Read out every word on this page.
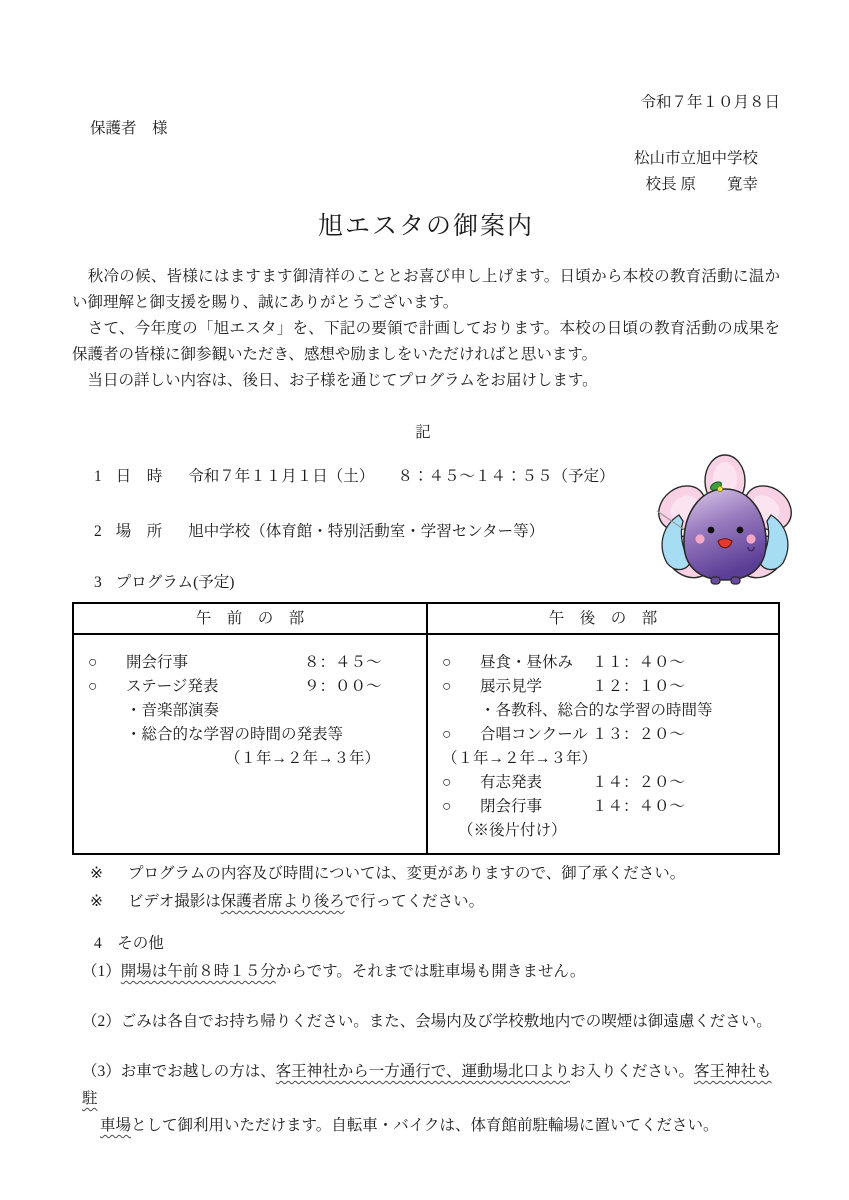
令和７年１０月８日
保護者　様
松山市立旭中学校
校長 原　　寛幸
旭エスタの御案内

　秋冷の候、皆様にはますます御清祥のこととお喜び申し上げます。日頃から本校の教育活動に温かい御理解と御支援を賜り、誠にありがとうございます。

　さて、今年度の「旭エスタ」を、下記の要領で計画しております。本校の日頃の教育活動の成果を保護者の皆様に御参観いただき、感想や励ましをいただければと思います。

　当日の詳しい内容は、後日、お子様を通じてプログラムをお届けします。

記
1 日　時 令和７年１１月１日（土）　　８：４５～１４：５５（予定）
2 場　所 旭中学校（体育館・特別活動室・学習センター等）
3 プログラム(予定)
午　前　の　部
○	開会行事	８：４５～
○	ステージ発表	９：００～
・音楽部演奏
・総合的な学習の時間の発表等
（１年→２年→３年）
午　後　の　部
○	昼食・昼休み	１１：４０～
○	展示見学	１２：１０～
・各教科、総合的な学習の時間等
○	合唱コンクール １３：２０～
（１年→２年→３年）
○	有志発表	１４：２０～
○	閉会行事	１４：４０～
（※後片付け）
※	プログラムの内容及び時間については、変更がありますので、御了承ください。
※	ビデオ撮影は保護者席より後ろで行ってください。
4　その他
（1）開場は午前８時１５分からです。それまでは駐車場も開きません。
（2）ごみは各自でお持ち帰りください。また、会場内及び学校敷地内での喫煙は御遠慮ください。
（3）お車でお越しの方は、客王神社から一方通行で、運動場北口よりお入りください。客王神社も駐
車場として御利用いただけます。自転車・バイクは、体育館前駐輪場に置いてください。
